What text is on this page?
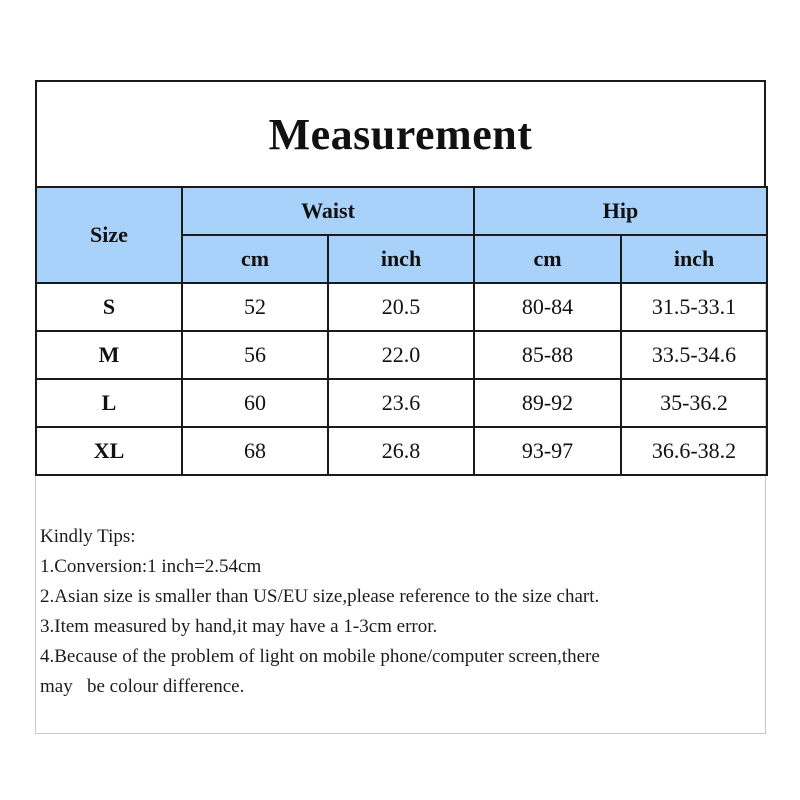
Measurement
Size	Waist		Hip	
	cm	inch	cm	inch
S	52	20.5	80-84	31.5-33.1
M	56	22.0	85-88	33.5-34.6
L	60	23.6	89-92	35-36.2
XL	68	26.8	93-97	36.6-38.2
Kindly Tips:
1.Conversion:1 inch=2.54cm
2.Asian size is smaller than US/EU size,please reference to the size chart.
3.Item measured by hand,it may have a 1-3cm error.
4.Because of the problem of light on mobile phone/computer screen,there
may   be colour difference.
